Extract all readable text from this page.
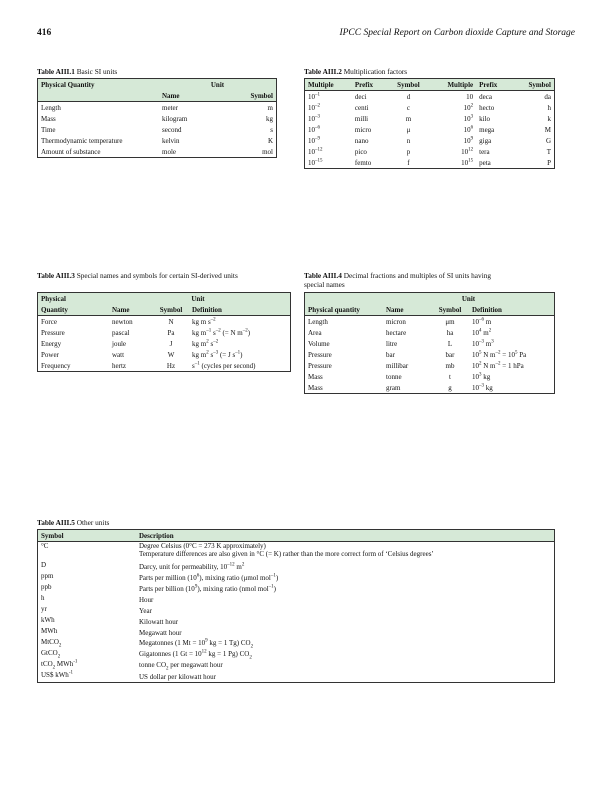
416	IPCC Special Report on Carbon dioxide Capture and Storage
Table AIII.1 Basic SI units
Physical Quantity	Unit	
	Name	Symbol
Length	meter	m
Mass	kilogram	kg
Time	second	s
Thermodynamic temperature	kelvin	K
Amount of substance	mole	mol
Table AIII.2 Multiplication factors
Multiple	Prefix	Symbol	Multiple	Prefix	Symbol
$10^{-1}$	deci	d	10	deca	da
$10^{-2}$	centi	c	$10^2$	hecto	h
$10^{-3}$	milli	m	$10^3$	kilo	k
$10^{-6}$	micro	μ	$10^6$	mega	M
$10^{-9}$	nano	n	$10^9$	giga	G
$10^{-12}$	pico	p	$10^{12}$	tera	T
$10^{-15}$	femto	f	$10^{15}$	peta	P
Table AIII.3 Special names and symbols for certain SI-derived units
Physical	Unit		
Quantity	Name	Symbol	Definition
Force	newton	N	kg m $s^{-2}$
Pressure	pascal	Pa	kg $m^{-1}$ $s^{-2}$ (= N $m^{-2}$)
Energy	joule	J	kg $m^2$ $s^{-2}$
Power	watt	W	kg $m^2$ $s^{-3}$ (= J $s^{-1}$)
Frequency	hertz	Hz	$s^{-1}$ (cycles per second)
Table AIII.4 Decimal fractions and multiples of SI units having
special names
	Unit		
Physical quantity	Name	Symbol	Definition
Length	micron	μm	$10^{-6}$ m
Area	hectare	ha	$10^4$ $m^2$
Volume	litre	L	$10^{-3}$ $m^3$
Pressure	bar	bar	$10^5$ N $m^{-2} = 10^5$ Pa
Pressure	millibar	mb	$10^2$ N $m^{-2} = 1$ hPa
Mass	tonne	t	$10^3$ kg
Mass	gram	g	$10^{-3}$ kg
Table AIII.5 Other units
Symbol	Description
°C	Degree Celsius (0°C = 273 K approximately)
Temperature differences are also given in °C (= K) rather than the more correct form of ‘Celsius degrees’

D	Darcy, unit for permeability, $10^{-12}$ $m^2$

ppm	Parts per million $(10^6)$, mixing ratio (μmol mol$^{-1}$)

ppb	Parts per billion $(10^9)$, mixing ratio (nmol mol$^{-1}$)

h	Hour

yr	Year

kWh	Kilowatt hour

MWh	Megawatt hour

MtCO$_2$	Megatonnes (1 $Mt = 10^9$ kg = 1 Tg) $CO_2$

GtCO$_2$	Gigatonnes (1 $Gt = 10^{12}$ kg = 1 Pg) $CO_2$

tCO$_2$ MWh$^{-1}$	tonne $CO_2$ per megawatt hour

US$ kWh$^{-1}$	US dollar per kilowatt hour
